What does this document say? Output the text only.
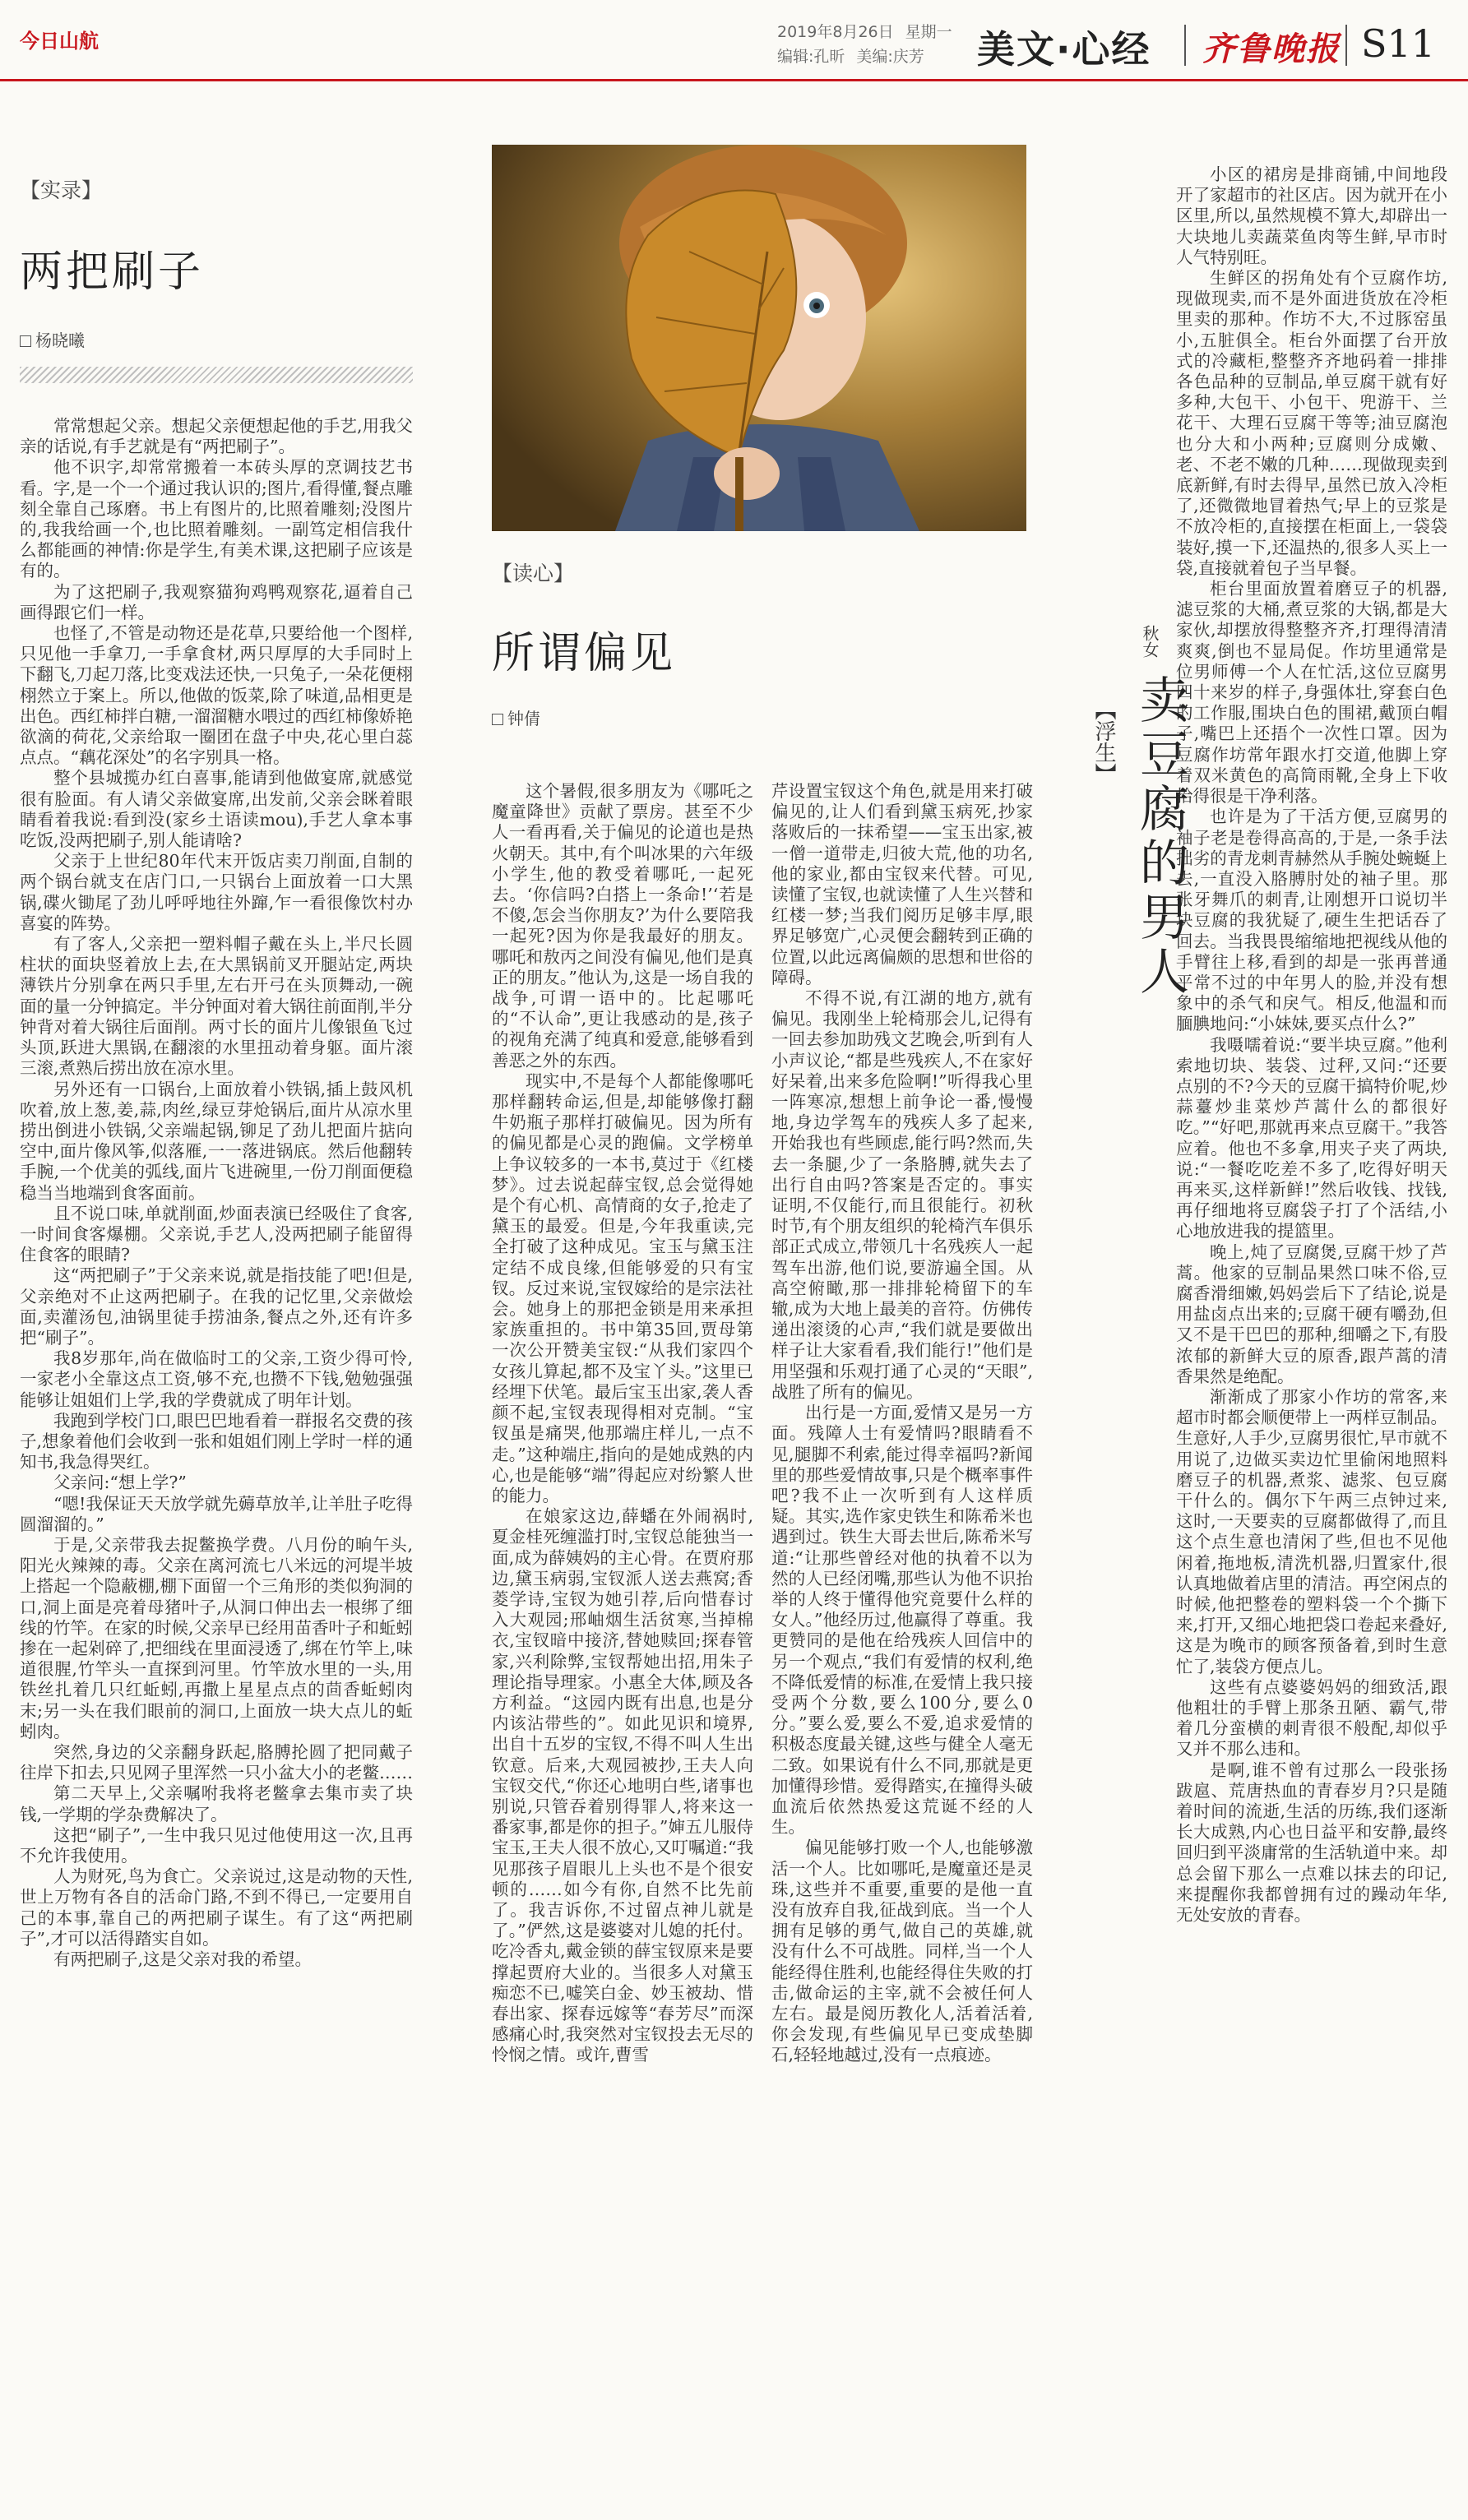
今日山航	2019年8月26日 星期一
编辑:孔昕 美编:庆芳	美文·心经 齐鲁晚报 S11
【实录】
两把刷子
杨晓曦

常常想起父亲。想起父亲便想起他的手艺,用我父亲的话说,有手艺就是有“两把刷子”。

他不识字,却常常搬着一本砖头厚的烹调技艺书看。字,是一个一个通过我认识的;图片,看得懂,餐点雕刻全靠自己琢磨。书上有图片的,比照着雕刻;没图片的,我我给画一个,也比照着雕刻。一副笃定相信我什么都能画的神情:你是学生,有美术课,这把刷子应该是有的。

为了这把刷子,我观察猫狗鸡鸭观察花,逼着自己画得跟它们一样。

也怪了,不管是动物还是花草,只要给他一个图样,只见他一手拿刀,一手拿食材,两只厚厚的大手同时上下翻飞,刀起刀落,比变戏法还快,一只兔子,一朵花便栩栩然立于案上。所以,他做的饭菜,除了味道,品相更是出色。西红柿拌白糖,一溜溜糖水喂过的西红柿像娇艳欲滴的荷花,父亲给取一圈团在盘子中央,花心里白蕊点点。“藕花深处”的名字别具一格。

整个县城揽办红白喜事,能请到他做宴席,就感觉很有脸面。有人请父亲做宴席,出发前,父亲会眯着眼睛看着我说:看到没(家乡土语读mou),手艺人拿本事吃饭,没两把刷子,别人能请啥?

父亲于上世纪80年代末开饭店卖刀削面,自制的两个锅台就支在店门口,一只锅台上面放着一口大黑锅,碟火锄尾了劲儿呼呼地往外蹿,乍一看很像饮村办喜宴的阵势。

有了客人,父亲把一塑料帽子戴在头上,半尺长圆柱状的面块竖着放上去,在大黑锅前叉开腿站定,两块薄铁片分别拿在两只手里,左右开弓在头顶舞动,一碗面的量一分钟搞定。半分钟面对着大锅往前面削,半分钟背对着大锅往后面削。两寸长的面片儿像银鱼飞过头顶,跃进大黑锅,在翻滚的水里扭动着身躯。面片滚三滚,煮熟后捞出放在凉水里。

另外还有一口锅台,上面放着小铁锅,插上鼓风机吹着,放上葱,姜,蒜,肉丝,绿豆芽炝锅后,面片从凉水里捞出倒进小铁锅,父亲端起锅,铆足了劲儿把面片掂向空中,面片像风筝,似落雁,一一落进锅底。然后他翻转手腕,一个优美的弧线,面片飞进碗里,一份刀削面便稳稳当当地端到食客面前。

且不说口味,单就削面,炒面表演已经吸住了食客,一时间食客爆棚。父亲说,手艺人,没两把刷子能留得住食客的眼睛?

这“两把刷子”于父亲来说,就是指技能了吧!但是,父亲绝对不止这两把刷子。在我的记忆里,父亲做烩面,卖灌汤包,油锅里徒手捞油条,餐点之外,还有许多把“刷子”。

我8岁那年,尚在做临时工的父亲,工资少得可怜,一家老小全靠这点工资,够不充,也攒不下钱,勉勉强强能够让姐姐们上学,我的学费就成了明年计划。

我跑到学校门口,眼巴巴地看着一群报名交费的孩子,想象着他们会收到一张和姐姐们刚上学时一样的通知书,我急得哭红。

父亲问:“想上学?”

“嗯!我保证天天放学就先薅草放羊,让羊肚子吃得圆溜溜的。”

于是,父亲带我去捉鳖换学费。八月份的晌午头,阳光火辣辣的毒。父亲在离河流七八米远的河堤半坡上搭起一个隐蔽棚,棚下面留一个三角形的类似狗洞的口,洞上面是亮着母猪叶子,从洞口伸出去一根绑了细线的竹竿。在家的时候,父亲早已经用苗香叶子和蚯蚓掺在一起剁碎了,把细线在里面浸透了,绑在竹竿上,味道很腥,竹竿头一直探到河里。竹竿放水里的一头,用铁丝扎着几只红蚯蚓,再撒上星星点点的茴香蚯蚓肉末;另一头在我们眼前的洞口,上面放一块大点儿的蚯蚓肉。

突然,身边的父亲翻身跃起,胳膊抡圆了把同戴子往岸下扣去,只见网子里浑然一只小盆大小的老鳖……

第二天早上,父亲嘱咐我将老鳖拿去集市卖了块钱,一学期的学杂费解决了。

这把“刷子”,一生中我只见过他使用这一次,且再不允许我使用。

人为财死,鸟为食亡。父亲说过,这是动物的天性,世上万物有各自的活命门路,不到不得已,一定要用自己的本事,靠自己的两把刷子谋生。有了这“两把刷子”,才可以活得踏实自如。

有两把刷子,这是父亲对我的希望。

【读心】
所谓偏见
钟倩

这个暑假,很多朋友为《哪吒之魔童降世》贡献了票房。甚至不少人一看再看,关于偏见的论道也是热火朝天。其中,有个叫冰果的六年级小学生,他的教受着哪吒,一起死去。‘你信吗?白搭上一条命!’‘若是不傻,怎会当你朋友?’为什么要陪我一起死?因为你是我最好的朋友。哪吒和敖丙之间没有偏见,他们是真正的朋友。”他认为,这是一场自我的战争,可谓一语中的。比起哪吒的“不认命”,更让我感动的是,孩子的视角充满了纯真和爱意,能够看到善恶之外的东西。

现实中,不是每个人都能像哪吒那样翻转命运,但是,却能够像打翻牛奶瓶子那样打破偏见。因为所有的偏见都是心灵的跑偏。文学榜单上争议较多的一本书,莫过于《红楼梦》。过去说起薛宝钗,总会觉得她是个有心机、高情商的女子,抢走了黛玉的最爱。但是,今年我重读,完全打破了这种成见。宝玉与黛玉注定结不成良缘,但能够爱的只有宝钗。反过来说,宝钗嫁给的是宗法社会。她身上的那把金锁是用来承担家族重担的。书中第35回,贾母第一次公开赞美宝钗:“从我们家四个女孩儿算起,都不及宝丫头。”这里已经埋下伏笔。最后宝玉出家,袭人香颜不起,宝钗表现得相对克制。“宝钗虽是痛哭,他那端庄样儿,一点不走。”这种端庄,指向的是她成熟的内心,也是能够“端”得起应对纷繁人世的能力。

在娘家这边,薛蟠在外闹祸时,夏金桂死缠滥打时,宝钗总能独当一面,成为薛姨妈的主心骨。在贾府那边,黛玉病弱,宝钗派人送去燕窝;香菱学诗,宝钗为她引荐,后向惜春讨入大观园;邢岫烟生活贫寒,当掉棉衣,宝钗暗中接济,替她赎回;探春管家,兴利除弊,宝钗帮她出招,用朱子理论指导理家。小惠全大体,顾及各方利益。“这园内既有出息,也是分内该沾带些的”。如此见识和境界,出自十五岁的宝钗,不得不叫人生出钦意。后来,大观园被抄,王夫人向宝钗交代,“你还心地明白些,诸事也别说,只管吞着别得罪人,将来这一番家事,都是你的担子。”婶五儿服侍宝玉,王夫人很不放心,又叮嘱道:“我见那孩子眉眼儿上头也不是个很安顿的……如今有你,自然不比先前了。我吉诉你,不过留点神儿就是了。”俨然,这是婆婆对儿媳的托付。吃冷香丸,戴金锁的薛宝钗原来是要撑起贾府大业的。当很多人对黛玉痴恋不已,嘘笑白金、妙玉被劫、惜春出家、探春远嫁等“春芳尽”而深感痛心时,我突然对宝钗投去无尽的怜悯之情。或许,曹雪

芹设置宝钗这个角色,就是用来打破偏见的,让人们看到黛玉病死,抄家落败后的一抹希望——宝玉出家,被一僧一道带走,归彼大荒,他的功名,他的家业,都由宝钗来代替。可见,读懂了宝钗,也就读懂了人生兴替和红楼一梦;当我们阅历足够丰厚,眼界足够宽广,心灵便会翻转到正确的位置,以此远离偏颇的思想和世俗的障碍。

不得不说,有江湖的地方,就有偏见。我刚坐上轮椅那会儿,记得有一回去参加助残文艺晚会,听到有人小声议论,“都是些残疾人,不在家好好呆着,出来多危险啊!”听得我心里一阵寒凉,想想上前争论一番,慢慢地,身边学驾车的残疾人多了起来,开始我也有些顾虑,能行吗?然而,失去一条腿,少了一条胳膊,就失去了出行自由吗?答案是否定的。事实证明,不仅能行,而且很能行。初秋时节,有个朋友组织的轮椅汽车俱乐部正式成立,带领几十名残疾人一起驾车出游,他们说,要游遍全国。从高空俯瞰,那一排排轮椅留下的车辙,成为大地上最美的音符。仿佛传递出滚烫的心声,“我们就是要做出样子让大家看看,我们能行!”他们是用坚强和乐观打通了心灵的“天眼”,战胜了所有的偏见。

出行是一方面,爱情又是另一方面。残障人士有爱情吗?眼睛看不见,腿脚不利索,能过得幸福吗?新闻里的那些爱情故事,只是个概率事件吧?我不止一次听到有人这样质疑。其实,选作家史铁生和陈希米也遇到过。铁生大哥去世后,陈希米写道:“让那些曾经对他的执着不以为然的人已经闭嘴,那些认为他不识抬举的人终于懂得他究竟要什么样的女人。”他经历过,他赢得了尊重。我更赞同的是他在给残疾人回信中的另一个观点,“我们有爱情的权利,绝不降低爱情的标准,在爱情上我只接受两个分数,要么100分,要么0分。”要么爱,要么不爱,追求爱情的积极态度最关键,这些与健全人毫无二致。如果说有什么不同,那就是更加懂得珍惜。爱得踏实,在撞得头破血流后依然热爱这荒诞不经的人生。

偏见能够打败一个人,也能够激活一个人。比如哪吒,是魔童还是灵珠,这些并不重要,重要的是他一直没有放弃自我,征战到底。当一个人拥有足够的勇气,做自己的英雄,就没有什么不可战胜。同样,当一个人能经得住胜利,也能经得住失败的打击,做命运的主宰,就不会被任何人左右。最是阅历教化人,活着活着,你会发现,有些偏见早已变成垫脚石,轻轻地越过,没有一点痕迹。

小区的裙房是排商铺,中间地段开了家超市的社区店。因为就开在小区里,所以,虽然规模不算大,却辟出一大块地儿卖蔬菜鱼肉等生鲜,早市时人气特别旺。

生鲜区的拐角处有个豆腐作坊,现做现卖,而不是外面进货放在冷柜里卖的那种。作坊不大,不过豚窑虽小,五脏俱全。柜台外面摆了台开放式的冷藏柜,整整齐齐地码着一排排各色品种的豆制品,单豆腐干就有好多种,大包干、小包干、兜游干、兰花干、大理石豆腐干等等;油豆腐泡也分大和小两种;豆腐则分成嫩、老、不老不嫩的几种……现做现卖到底新鲜,有时去得早,虽然已放入冷柜了,还微微地冒着热气;早上的豆浆是不放冷柜的,直接摆在柜面上,一袋袋装好,摸一下,还温热的,很多人买上一袋,直接就着包子当早餐。

柜台里面放置着磨豆子的机器,滤豆浆的大桶,煮豆浆的大锅,都是大家伙,却摆放得整整齐齐,打理得清清爽爽,倒也不显局促。作坊里通常是位男师傅一个人在忙活,这位豆腐男四十来岁的样子,身强体壮,穿套白色的工作服,围块白色的围裙,戴顶白帽子,嘴巴上还捂个一次性口罩。因为豆腐作坊常年跟水打交道,他脚上穿着双米黄色的高筒雨靴,全身上下收拾得很是干净利落。

也许是为了干活方便,豆腐男的袖子老是卷得高高的,于是,一条手法拙劣的青龙刺青赫然从手腕处蜿蜒上去,一直没入胳膊肘处的袖子里。那张牙舞爪的刺青,让刚想开口说切半块豆腐的我犹疑了,硬生生把话吞了回去。当我畏畏缩缩地把视线从他的手臂往上移,看到的却是一张再普通平常不过的中年男人的脸,并没有想象中的杀气和戾气。相反,他温和而腼腆地问:“小妹妹,要买点什么?”

我嗫嚅着说:“要半块豆腐。”他利索地切块、装袋、过秤,又问:“还要点别的不?今天的豆腐干搞特价呢,炒蒜薹炒韭菜炒芦蒿什么的都很好吃。”“好吧,那就再来点豆腐干。”我答应着。他也不多拿,用夹子夹了两块,说:“一餐吃吃差不多了,吃得好明天再来买,这样新鲜!”然后收钱、找钱,再仔细地将豆腐袋子打了个活结,小心地放进我的提篮里。

晚上,炖了豆腐煲,豆腐干炒了芦蒿。他家的豆制品果然口味不俗,豆腐香滑细嫩,妈妈尝后下了结论,说是用盐卤点出来的;豆腐干硬有嚼劲,但又不是干巴巴的那种,细嚼之下,有股浓郁的新鲜大豆的原香,跟芦蒿的清香果然是绝配。

渐渐成了那家小作坊的常客,来超市时都会顺便带上一两样豆制品。生意好,人手少,豆腐男很忙,早市就不用说了,边做买卖边忙里偷闲地照料磨豆子的机器,煮浆、滤浆、包豆腐干什么的。偶尔下午两三点钟过来,这时,一天要卖的豆腐都做得了,而且这个点生意也清闲了些,但也不见他闲着,拖地板,清洗机器,归置家什,很认真地做着店里的清洁。再空闲点的时候,他把整卷的塑料袋一个个撕下来,打开,又细心地把袋口卷起来叠好,这是为晚市的顾客预备着,到时生意忙了,装袋方便点儿。

这些有点婆婆妈妈的细致活,跟他粗壮的手臂上那条丑陋、霸气,带着几分蛮横的刺青很不般配,却似乎又并不那么违和。

是啊,谁不曾有过那么一段张扬跋扈、荒唐热血的青春岁月?只是随着时间的流逝,生活的历练,我们逐渐长大成熟,内心也日益平和安静,最终回归到平淡庸常的生活轨道中来。却总会留下那么一点难以抹去的印记,来提醒你我都曾拥有过的躁动年华,无处安放的青春。

【浮生】 卖豆腐的男人
秋女
